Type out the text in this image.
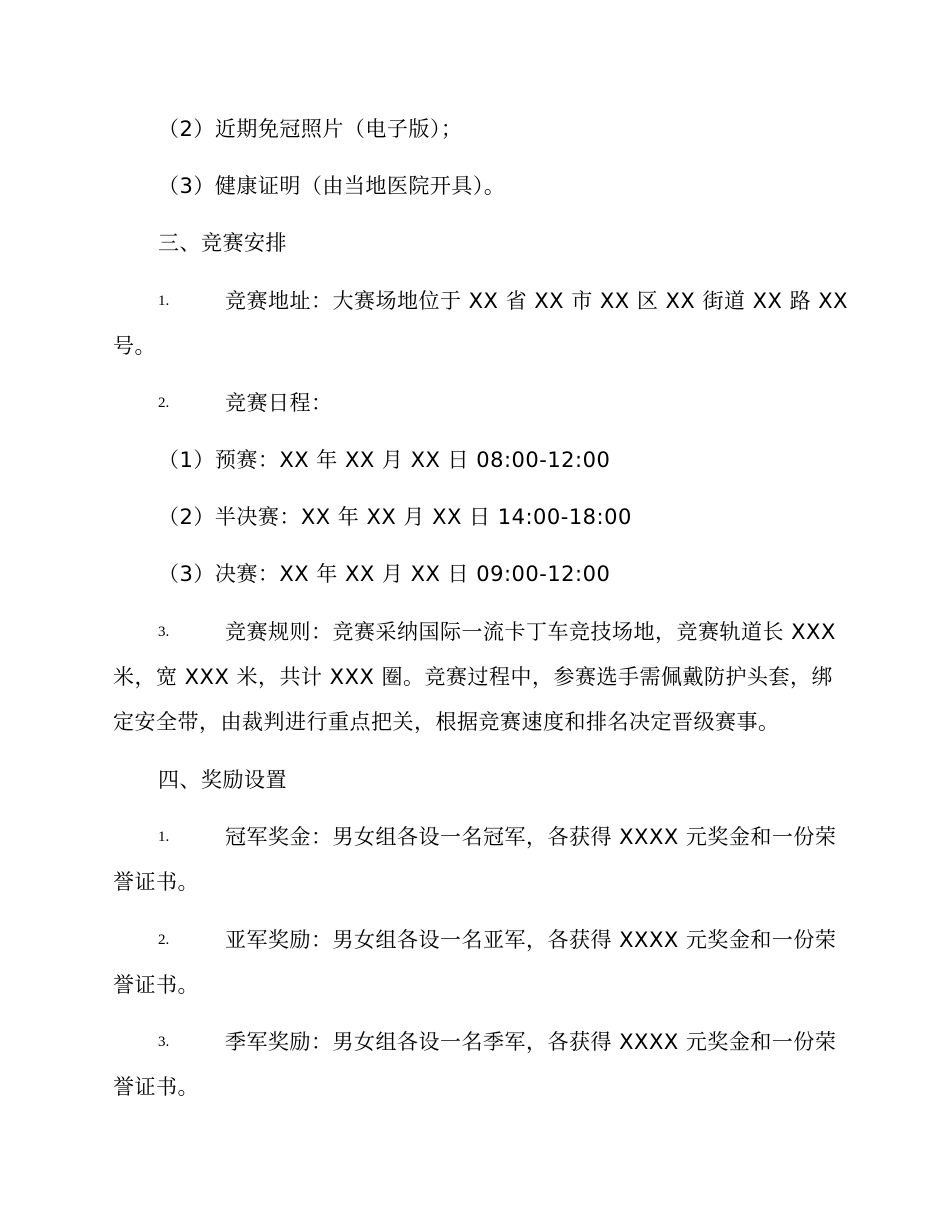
（2）近期免冠照片（电子版）；
（3）健康证明（由当地医院开具）。
三、竞赛安排
1.	竞赛地址：大赛场地位于 XX 省 XX 市 XX 区 XX 街道 XX 路 XX
号。
2.	竞赛日程：
（1）预赛：XX 年 XX 月 XX 日 08:00-12:00
（2）半决赛：XX 年 XX 月 XX 日 14:00-18:00
（3）决赛：XX 年 XX 月 XX 日 09:00-12:00
3.	竞赛规则：竞赛采纳国际一流卡丁车竞技场地，竞赛轨道长 XXX
米，宽 XXX 米，共计 XXX 圈。竞赛过程中，参赛选手需佩戴防护头套，绑
定安全带，由裁判进行重点把关，根据竞赛速度和排名决定晋级赛事。
四、奖励设置
1.	冠军奖金：男女组各设一名冠军，各获得 XXXX 元奖金和一份荣
誉证书。
2.	亚军奖励：男女组各设一名亚军，各获得 XXXX 元奖金和一份荣
誉证书。
3.	季军奖励：男女组各设一名季军，各获得 XXXX 元奖金和一份荣
誉证书。
